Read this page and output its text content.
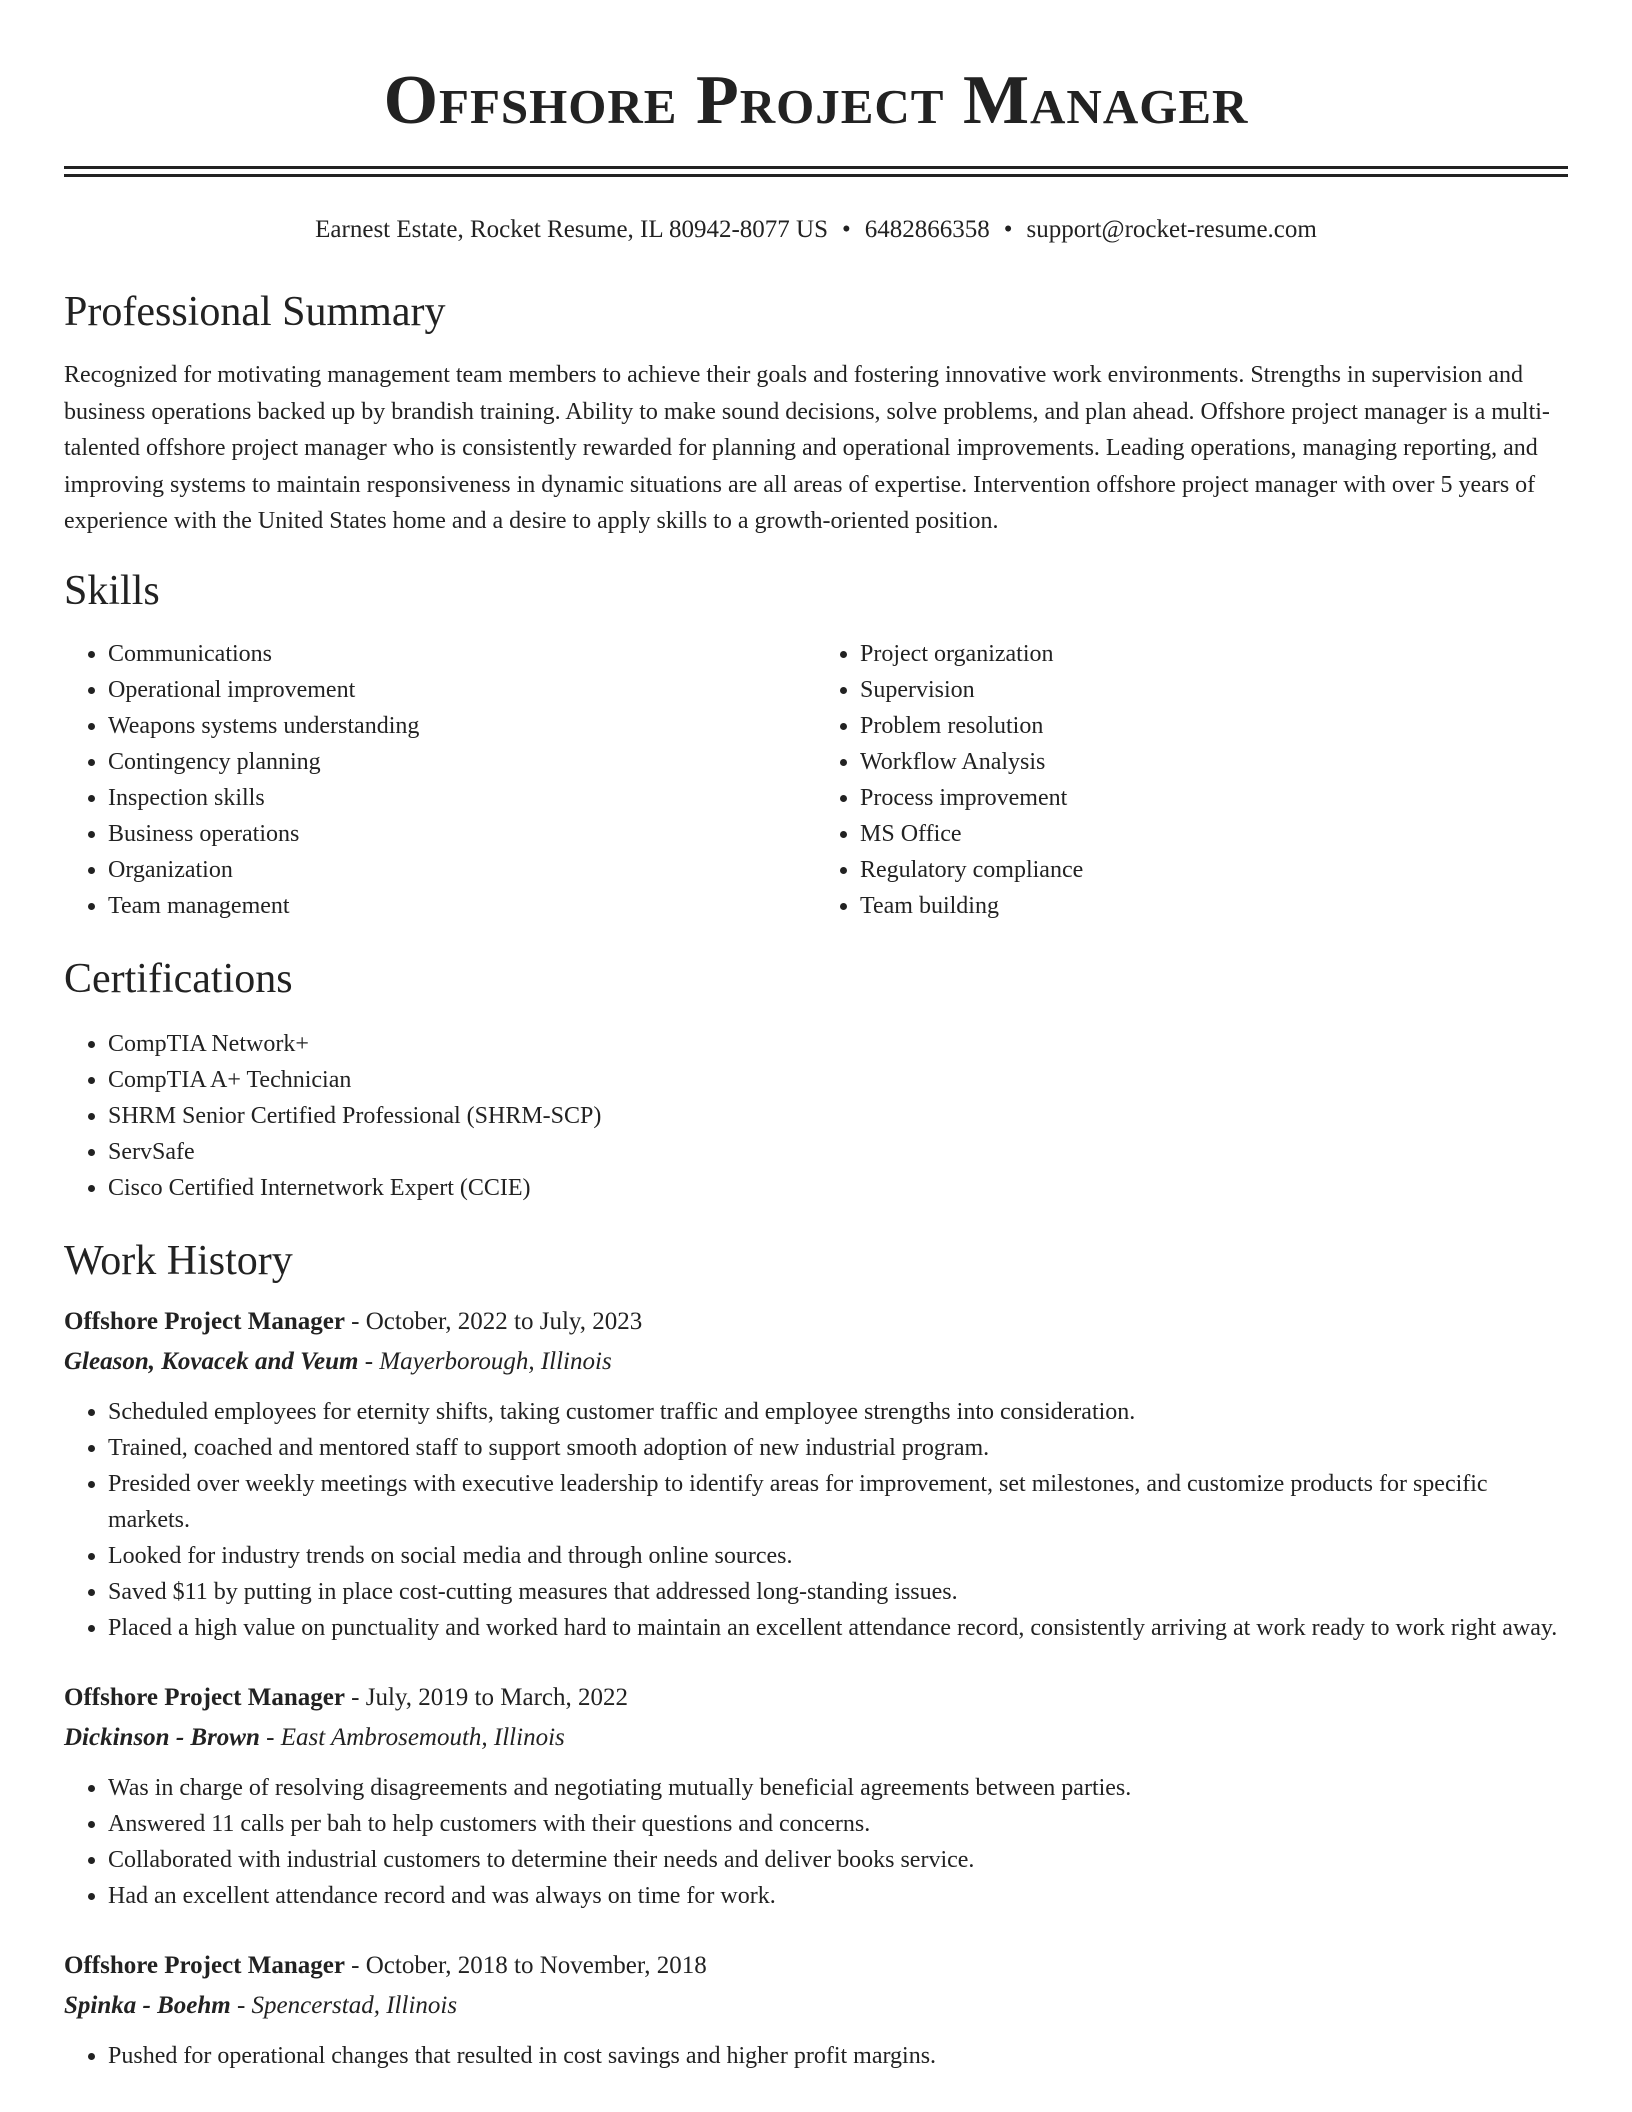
Offshore Project Manager
Earnest Estate, Rocket Resume, IL 80942-8077 US • 6482866358 • support@rocket-resume.com
Professional Summary

Recognized for motivating management team members to achieve their goals and fostering innovative work environments. Strengths in supervision and business operations backed up by brandish training. Ability to make sound decisions, solve problems, and plan ahead. Offshore project manager is a multi-talented offshore project manager who is consistently rewarded for planning and operational improvements. Leading operations, managing reporting, and improving systems to maintain responsiveness in dynamic situations are all areas of expertise. Intervention offshore project manager with over 5 years of experience with the United States home and a desire to apply skills to a growth-oriented position.

Skills
• Communications
• Operational improvement
• Weapons systems understanding
• Contingency planning
• Inspection skills
• Business operations
• Organization
• Team management
• Project organization
• Supervision
• Problem resolution
• Workflow Analysis
• Process improvement
• MS Office
• Regulatory compliance
• Team building
Certifications
• CompTIA Network+
• CompTIA A+ Technician
• SHRM Senior Certified Professional (SHRM-SCP)
• ServSafe
• Cisco Certified Internetwork Expert (CCIE)
Work History
Offshore Project Manager - October, 2022 to July, 2023
Gleason, Kovacek and Veum - Mayerborough, Illinois
• Scheduled employees for eternity shifts, taking customer traffic and employee strengths into consideration.
• Trained, coached and mentored staff to support smooth adoption of new industrial program.
• Presided over weekly meetings with executive leadership to identify areas for improvement, set milestones, and customize products for specific markets.
• Looked for industry trends on social media and through online sources.
• Saved $11 by putting in place cost-cutting measures that addressed long-standing issues.
• Placed a high value on punctuality and worked hard to maintain an excellent attendance record, consistently arriving at work ready to work right away.
Offshore Project Manager - July, 2019 to March, 2022
Dickinson - Brown - East Ambrosemouth, Illinois
• Was in charge of resolving disagreements and negotiating mutually beneficial agreements between parties.
• Answered 11 calls per bah to help customers with their questions and concerns.
• Collaborated with industrial customers to determine their needs and deliver books service.
• Had an excellent attendance record and was always on time for work.
Offshore Project Manager - October, 2018 to November, 2018
Spinka - Boehm - Spencerstad, Illinois
• Pushed for operational changes that resulted in cost savings and higher profit margins.
